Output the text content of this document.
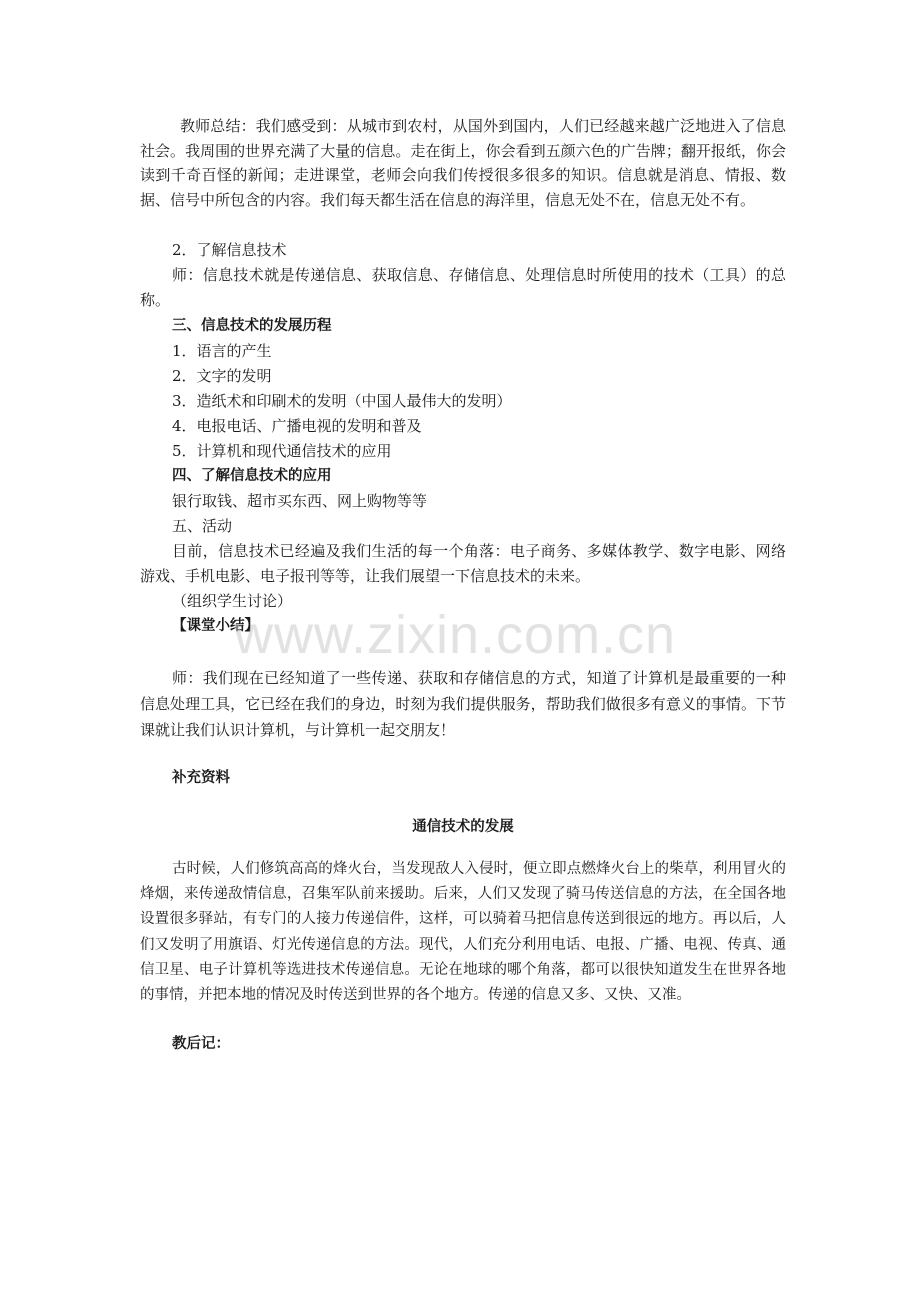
教师总结：我们感受到：从城市到农村，从国外到国内，人们已经越来越广泛地进入了信息社会。我周围的世界充满了大量的信息。走在街上，你会看到五颜六色的广告牌；翻开报纸，你会读到千奇百怪的新闻；走进课堂，老师会向我们传授很多很多的知识。信息就是消息、情报、数据、信号中所包含的内容。我们每天都生活在信息的海洋里，信息无处不在，信息无处不有。

2．了解信息技术

师：信息技术就是传递信息、获取信息、存储信息、处理信息时所使用的技术（工具）的总称。

三、信息技术的发展历程

1．语言的产生

2．文字的发明

3．造纸术和印刷术的发明（中国人最伟大的发明）

4．电报电话、广播电视的发明和普及

5．计算机和现代通信技术的应用

四、了解信息技术的应用

银行取钱、超市买东西、网上购物等等

五、活动

目前，信息技术已经遍及我们生活的每一个角落：电子商务、多媒体教学、数字电影、网络游戏、手机电影、电子报刊等等，让我们展望一下信息技术的未来。

（组织学生讨论）

【课堂小结】

www.zixin.com.cn

师：我们现在已经知道了一些传递、获取和存储信息的方式，知道了计算机是最重要的一种信息处理工具，它已经在我们的身边，时刻为我们提供服务，帮助我们做很多有意义的事情。下节课就让我们认识计算机，与计算机一起交朋友！

补充资料

通信技术的发展

古时候，人们修筑高高的烽火台，当发现敌人入侵时，便立即点燃烽火台上的柴草，利用冒火的烽烟，来传递敌情信息，召集军队前来援助。后来，人们又发现了骑马传送信息的方法，在全国各地设置很多驿站，有专门的人接力传递信件，这样，可以骑着马把信息传送到很远的地方。再以后，人们又发明了用旗语、灯光传递信息的方法。现代，人们充分利用电话、电报、广播、电视、传真、通信卫星、电子计算机等选进技术传递信息。无论在地球的哪个角落，都可以很快知道发生在世界各地的事情，并把本地的情况及时传送到世界的各个地方。传递的信息又多、又快、又准。

教后记：
